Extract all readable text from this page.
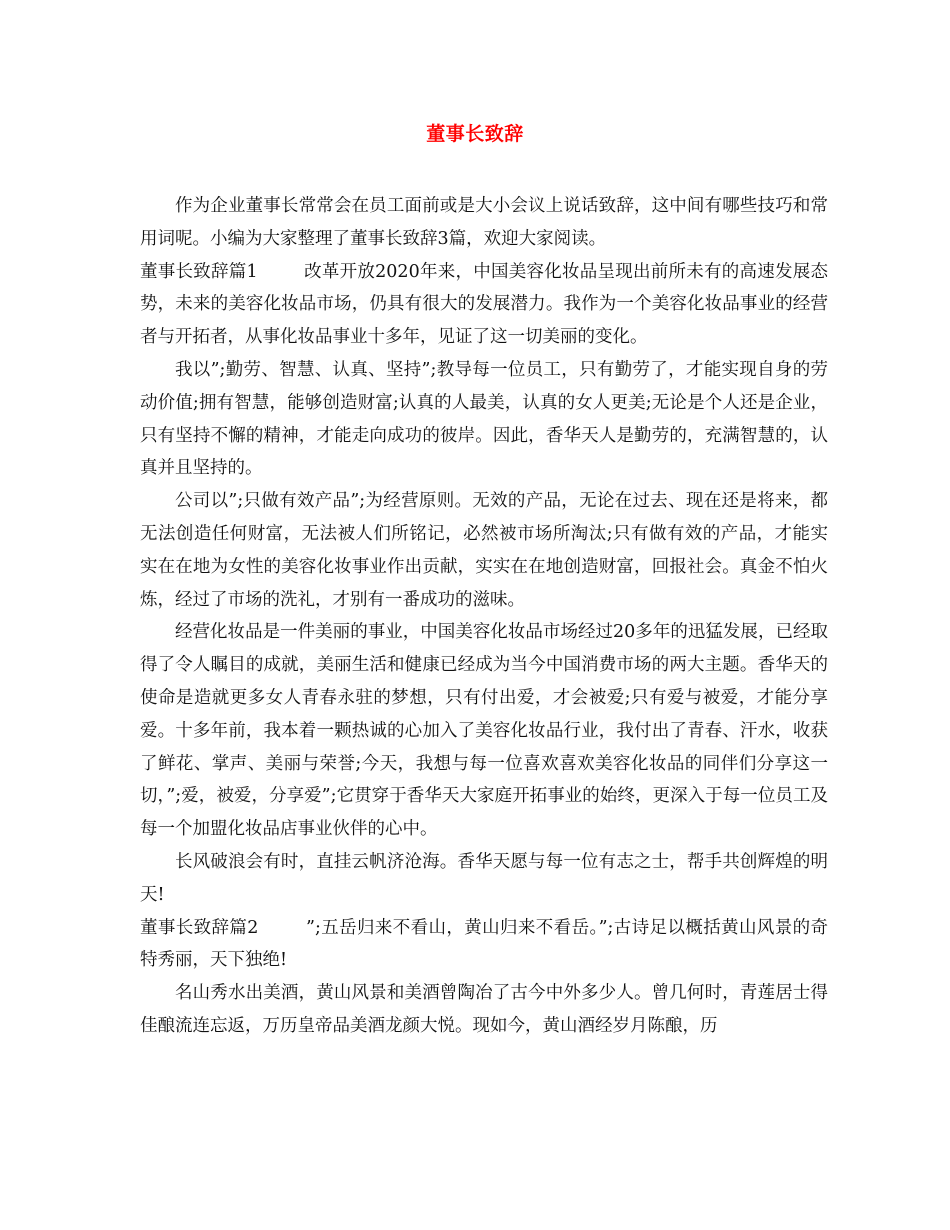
董事长致辞

作为企业董事长常常会在员工面前或是大小会议上说话致辞，这中间有哪些技巧和常用词呢。小编为大家整理了董事长致辞3篇，欢迎大家阅读。

董事长致辞篇1	改革开放2020年来，中国美容化妆品呈现出前所未有的高速发展态势，未来的美容化妆品市场，仍具有很大的发展潜力。我作为一个美容化妆品事业的经营者与开拓者，从事化妆品事业十多年，见证了这一切美丽的变化。

我以”;勤劳、智慧、认真、坚持”;教导每一位员工，只有勤劳了，才能实现自身的劳动价值;拥有智慧，能够创造财富;认真的人最美，认真的女人更美;无论是个人还是企业，只有坚持不懈的精神，才能走向成功的彼岸。因此，香华天人是勤劳的，充满智慧的，认真并且坚持的。

公司以”;只做有效产品”;为经营原则。无效的产品，无论在过去、现在还是将来，都无法创造任何财富，无法被人们所铭记，必然被市场所淘汰;只有做有效的产品，才能实实在在地为女性的美容化妆事业作出贡献，实实在在地创造财富，回报社会。真金不怕火炼，经过了市场的洗礼，才别有一番成功的滋味。

经营化妆品是一件美丽的事业，中国美容化妆品市场经过20多年的迅猛发展，已经取得了令人瞩目的成就，美丽生活和健康已经成为当今中国消费市场的两大主题。香华天的使命是造就更多女人青春永驻的梦想，只有付出爱，才会被爱;只有爱与被爱，才能分享爱。十多年前，我本着一颗热诚的心加入了美容化妆品行业，我付出了青春、汗水，收获了鲜花、掌声、美丽与荣誉;今天，我想与每一位喜欢喜欢美容化妆品的同伴们分享这一切，”;爱，被爱，分享爱”;它贯穿于香华天大家庭开拓事业的始终，更深入于每一位员工及每一个加盟化妆品店事业伙伴的心中。

长风破浪会有时，直挂云帆济沧海。香华天愿与每一位有志之士，帮手共创辉煌的明天!

董事长致辞篇2	”;五岳归来不看山，黄山归来不看岳。”;古诗足以概括黄山风景的奇特秀丽，天下独绝!

名山秀水出美酒，黄山风景和美酒曾陶冶了古今中外多少人。曾几何时，青莲居士得佳酿流连忘返，万历皇帝品美酒龙颜大悦。现如今，黄山酒经岁月陈酿，历
